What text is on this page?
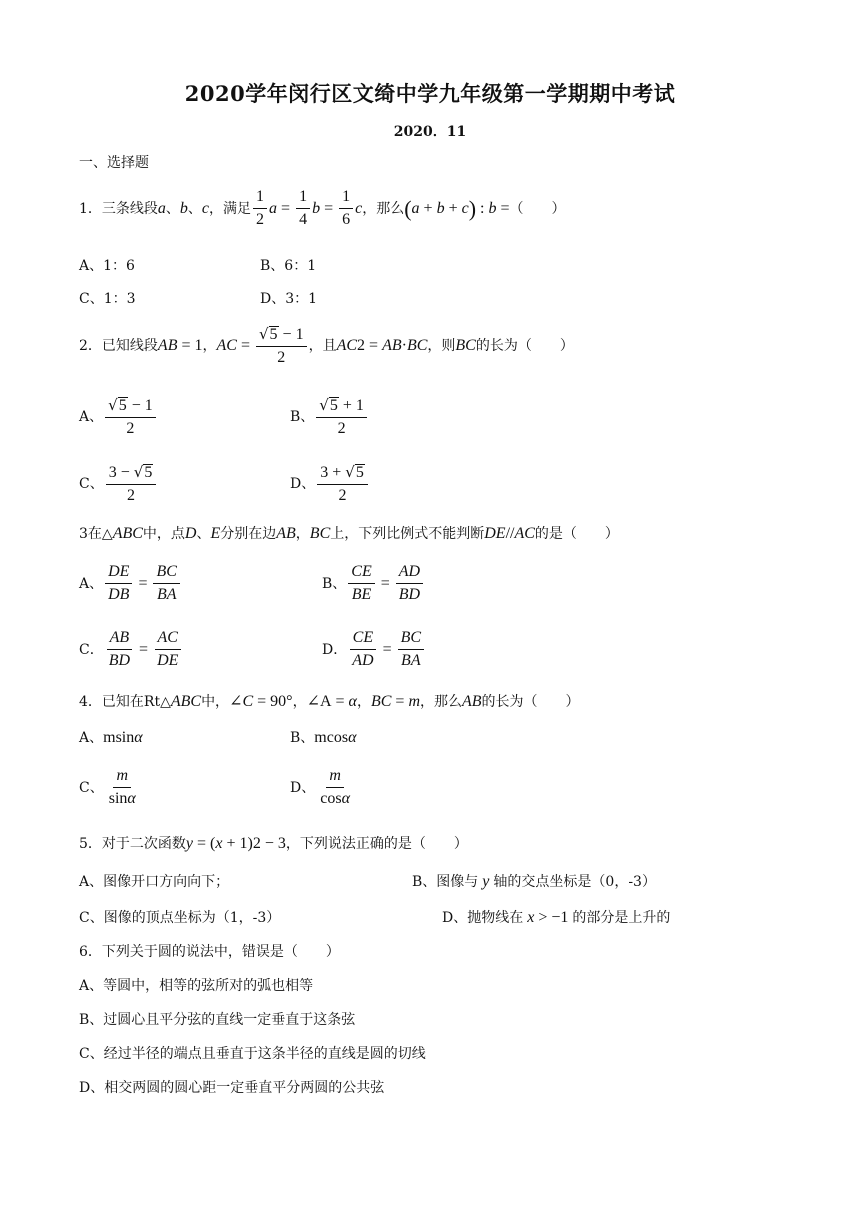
2020学年闵行区文绮中学九年级第一学期期中考试
2020．11
一、选择题
1．三条线段 a 、 b 、 c ，满足 $\frac{1}{2}$ $a = \frac{1}{4}$ $b = \frac{1}{6}$ c ，那么 ( a + b + c ) : b = （　　）
A、1：6	B、6：1
C、1：3	D、3：1
2．已知线段 AB = 1 ， AC = $\frac{√ 5 - 1}{2}$ ，且 AC 2 = AB · BC ，则 BC 的长为（　　）
A、 $\frac{√ 5 - 1}{2}$	B、 $\frac{√ 5 + 1}{2}$
C、 $\frac{3 - √ 5}{2}$	D、 $\frac{3 + √ 5}{2}$
3在△ ABC 中，点 D 、 E 分别在边 AB ， BC 上，下列比例式不能判断 DE // AC 的是（　　）
A、 $\frac{DE}{DB} = \frac{BC}{BA}$	B、 $\frac{CE}{BE} = \frac{AD}{BD}$
C． $\frac{AB}{BD} = \frac{AC}{DE}$	D． $\frac{CE}{AD} = \frac{BC}{BA}$
4．已知在Rt△ ABC 中， ∠ C = 90° ， ∠A = α ， BC = m ，那么 AB 的长为（　　）
A、 msin α	B、 mcos α
C、 $\frac{m}{\sin\alpha}$	D、 $\frac{m}{\cos\alpha}$
5．对于二次函数 y = ( x + 1) 2 − 3 ，下列说法正确的是（　　）
A、图像开口方向向下；	B、图像与 y 轴的交点坐标是（0，-3）
C、图像的顶点坐标为（1，-3）	D、抛物线在 x > −1 的部分是上升的
6．下列关于圆的说法中，错误是（　　）
A、等圆中，相等的弦所对的弧也相等
B、过圆心且平分弦的直线一定垂直于这条弦
C、经过半径的端点且垂直于这条半径的直线是圆的切线
D、相交两圆的圆心距一定垂直平分两圆的公共弦
